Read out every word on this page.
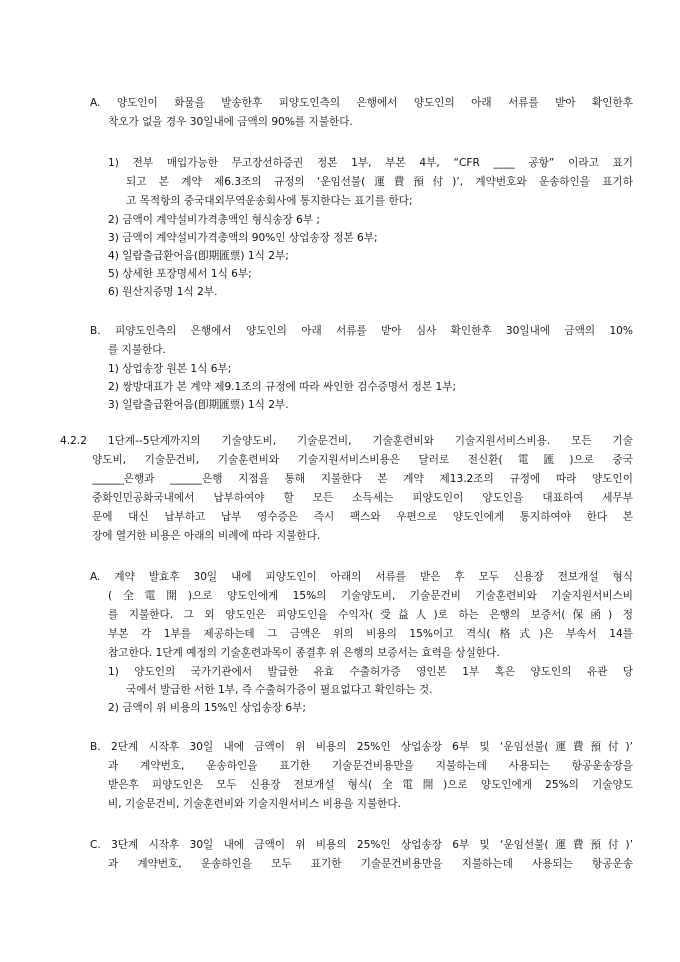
A. 양도인이 화물을 발송한후 피양도인측의 은행에서 양도인의 아래 서류를 받아 확인한후
착오가 없을 경우 30일내에 금액의 90%를 지불한다.
1) 전부 매입가능한 무고장선하증권 정본 1부, 부본 4부, “CFR ____ 공항” 이라고 표기
되고 본 계약 제6.3조의 규정의 ‘운임선불(運費預付)’, 계약번호와 운송하인을 표기하
고 목적항의 중국대외무역운송회사에 통지한다는 표기를 한다;
2) 금액이 계약설비가격총액인 형식송장 6부 ;
3) 금액이 계약설비가격총액의 90%인 상업송장 정본 6부;
4) 일람출급환어음(卽期匯票) 1식 2부;
5) 상세한 포장명세서 1식 6부;
6) 원산지증명 1식 2부.
B. 피양도인측의 은행에서 양도인의 아래 서류를 받아 심사 확인한후 30일내에 금액의 10%
를 지불한다.
1) 상업송장 원본 1식 6부;
2) 쌍방대표가 본 계약 제9.1조의 규정에 따라 싸인한 검수증명서 정본 1부;
3) 일람출급환어음(卽期匯票) 1식 2부.
4.2.2 1단계--5단계까지의 기술양도비, 기술문건비, 기술훈련비와 기술지원서비스비용. 모든 기술
양도비, 기술문건비, 기술훈련비와 기술지원서비스비용은 달러로 전신환(電匯)으로 중국
______은행과 ______은행 지점을 통해 지불한다 본 계약 제13.2조의 규정에 따라 양도인이
중화인민공화국내에서 납부하여야 할 모든 소득세는 피양도인이 양도인을 대표하여 세무부
문에 대신 납부하고 납부 영수증은 즉시 팩스와 우편으로 양도인에게 통지하여야 한다 본
장에 열거한 비용은 아래의 비례에 따라 지불한다.
A. 계약 발효후 30일 내에 피양도인이 아래의 서류를 받은 후 모두 신용장 전보개설 형식
(全電開)으로 양도인에게 15%의 기술양도비, 기술문건비 기술훈련비와 기술지원서비스비
를 지불한다. 그 외 양도인은 피양도인을 수익자(受益人)로 하는 은행의 보증서(保函) 정
부본 각 1부를 제공하는데 그 금액은 위의 비용의 15%이고 격식(格式)은 부속서 14를
참고한다. 1단계 예정의 기술훈련과목이 종결후 위 은행의 보증서는 효력을 상실한다.
1) 양도인의 국가기관에서 발급한 유효 수출허가증 영인본 1부 혹은 양도인의 유관 당
국에서 발급한 서한 1부, 즉 수출허가증이 필요없다고 확인하는 것.
2) 금액이 위 비용의 15%인 상업송장 6부;
B. 2단계 시작후 30일 내에 금액이 위 비용의 25%인 상업송장 6부 및 ‘운임선불(運費預付)’
과 계약번호, 운송하인을 표기한 기술문건비용만을 지불하는데 사용되는 항공운송장을
받은후 피양도인은 모두 신용장 전보개설 형식(全電開)으로 양도인에게 25%의 기술양도
비, 기술문건비, 기술훈련비와 기술지원서비스 비용을 지불한다.
C. 3단계 시작후 30일 내에 금액이 위 비용의 25%인 상업송장 6부 및 ‘운임선불(運費預付)’
과 계약번호, 운송하인을 모두 표기한 기술문건비용만을 지불하는데 사용되는 항공운송
